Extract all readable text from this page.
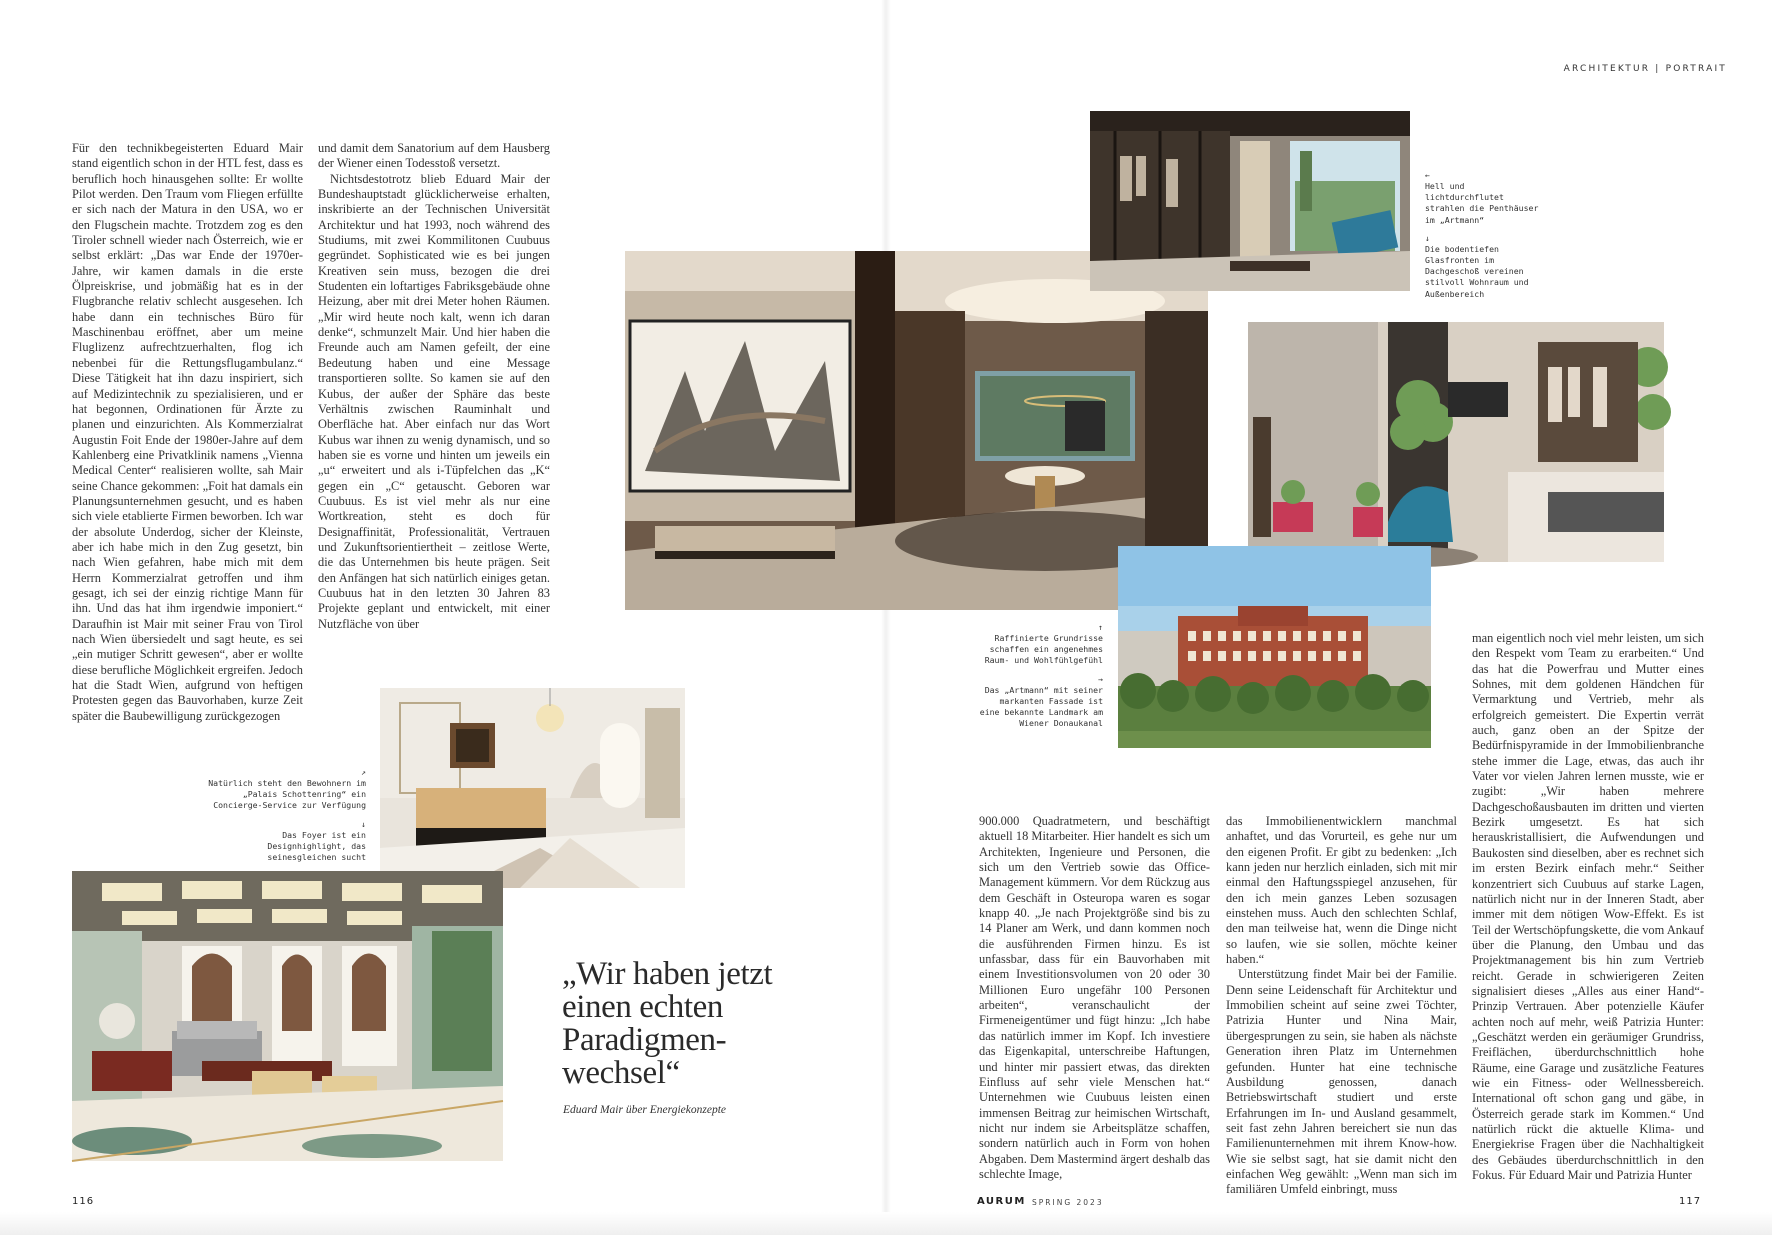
Für den technikbegeisterten Eduard Mair stand eigentlich schon in der HTL fest, dass es beruflich hoch hinausgehen sollte: Er wollte Pilot werden. Den Traum vom Fliegen erfüllte er sich nach der Matura in den USA, wo er den Flugschein machte. Trotzdem zog es den Tiroler schnell wieder nach Österreich, wie er selbst erklärt: „Das war Ende der 1970er-Jahre, wir kamen damals in die erste Ölpreiskrise, und jobmäßig hat es in der Flugbranche relativ schlecht ausgesehen. Ich habe dann ein technisches Büro für Maschinenbau eröffnet, aber um meine Fluglizenz aufrechtzuerhalten, flog ich nebenbei für die Rettungsflugambulanz.“ Diese Tätigkeit hat ihn dazu inspiriert, sich auf Medizintechnik zu spezialisieren, und er hat begonnen, Ordinationen für Ärzte zu planen und einzurichten. Als Kommerzialrat Augustin Foit Ende der 1980er-Jahre auf dem Kahlenberg eine Privatklinik namens „Vienna Medical Center“ realisieren wollte, sah Mair seine Chance gekommen: „Foit hat damals ein Planungsunternehmen gesucht, und es haben sich viele etablierte Firmen beworben. Ich war der absolute Underdog, sicher der Kleinste, aber ich habe mich in den Zug gesetzt, bin nach Wien gefahren, habe mich mit dem Herrn Kommerzialrat getroffen und ihm gesagt, ich sei der einzig richtige Mann für ihn. Und das hat ihm irgendwie imponiert.“ Daraufhin ist Mair mit seiner Frau von Tirol nach Wien übersiedelt und sagt heute, es sei „ein mutiger Schritt gewesen“, aber er wollte diese berufliche Möglichkeit ergreifen. Jedoch hat die Stadt Wien, aufgrund von heftigen Protesten gegen das Bauvorhaben, kurze Zeit später die Baubewilligung zurückgezogen

und damit dem Sanatorium auf dem Hausberg der Wiener einen Todesstoß versetzt.

Nichtsdestotrotz blieb Eduard Mair der Bundeshauptstadt glücklicherweise erhalten, inskribierte an der Technischen Universität Architektur und hat 1993, noch während des Studiums, mit zwei Kommilitonen Cuubuus gegründet. Sophisticated wie es bei jungen Kreativen sein muss, bezogen die drei Studenten ein loftartiges Fabriksgebäude ohne Heizung, aber mit drei Meter hohen Räumen. „Mir wird heute noch kalt, wenn ich daran denke“, schmunzelt Mair. Und hier haben die Freunde auch am Namen gefeilt, der eine Bedeutung haben und eine Message transportieren sollte. So kamen sie auf den Kubus, der außer der Sphäre das beste Verhältnis zwischen Rauminhalt und Oberfläche hat. Aber einfach nur das Wort Kubus war ihnen zu wenig dynamisch, und so haben sie es vorne und hinten um jeweils ein „u“ erweitert und als i-Tüpfelchen das „K“ gegen ein „C“ getauscht. Geboren war Cuubuus. Es ist viel mehr als nur eine Wortkreation, steht es doch für Designaffinität, Professionalität, Vertrauen und Zukunftsorientiertheit – zeitlose Werte, die das Unternehmen bis heute prägen. Seit den Anfängen hat sich natürlich einiges getan. Cuubuus hat in den letzten 30 Jahren 83 Projekte geplant und entwickelt, mit einer Nutzfläche von über

↗
Natürlich steht den Bewohnern im „Palais Schottenring“ ein Concierge-Service zur Verfügung
↓
Das Foyer ist ein Designhighlight, das seinesgleichen sucht
„Wir haben jetzt einen echten Paradigmen-wechsel“
Eduard Mair über Energiekonzepte
ARCHITEKTUR | PORTRAIT
←
Hell und lichtdurchflutet strahlen die Penthäuser im „Artmann“
↓
Die bodentiefen Glasfronten im Dachgeschoß vereinen stilvoll Wohnraum und Außenbereich
↑
Raffinierte Grundrisse schaffen ein angenehmes Raum- und Wohlfühlgefühl
→
Das „Artmann“ mit seiner markanten Fassade ist eine bekannte Landmark am Wiener Donaukanal

900.000 Quadratmetern, und beschäftigt aktuell 18 Mitarbeiter. Hier handelt es sich um Architekten, Ingenieure und Personen, die sich um den Vertrieb sowie das Office-Management kümmern. Vor dem Rückzug aus dem Geschäft in Osteuropa waren es sogar knapp 40. „Je nach Projektgröße sind bis zu 14 Planer am Werk, und dann kommen noch die ausführenden Firmen hinzu. Es ist unfassbar, dass für ein Bauvorhaben mit einem Investitionsvolumen von 20 oder 30 Millionen Euro ungefähr 100 Personen arbeiten“, veranschaulicht der Firmeneigentümer und fügt hinzu: „Ich habe das natürlich immer im Kopf. Ich investiere das Eigenkapital, unterschreibe Haftungen, und hinter mir passiert etwas, das direkten Einfluss auf sehr viele Menschen hat.“ Unternehmen wie Cuubuus leisten einen immensen Beitrag zur heimischen Wirtschaft, nicht nur indem sie Arbeitsplätze schaffen, sondern natürlich auch in Form von hohen Abgaben. Dem Mastermind ärgert deshalb das schlechte Image,

das Immobilienentwicklern manchmal anhaftet, und das Vorurteil, es gehe nur um den eigenen Profit. Er gibt zu bedenken: „Ich kann jeden nur herzlich einladen, sich mit mir einmal den Haftungsspiegel anzusehen, für den ich mein ganzes Leben sozusagen einstehen muss. Auch den schlechten Schlaf, den man teilweise hat, wenn die Dinge nicht so laufen, wie sie sollen, möchte keiner haben.“

Unterstützung findet Mair bei der Familie. Denn seine Leidenschaft für Architektur und Immobilien scheint auf seine zwei Töchter, Patrizia Hunter und Nina Mair, übergesprungen zu sein, sie haben als nächste Generation ihren Platz im Unternehmen gefunden. Hunter hat eine technische Ausbildung genossen, danach Betriebswirtschaft studiert und erste Erfahrungen im In- und Ausland gesammelt, seit fast zehn Jahren bereichert sie nun das Familienunternehmen mit ihrem Know-how. Wie sie selbst sagt, hat sie damit nicht den einfachen Weg gewählt: „Wenn man sich im familiären Umfeld einbringt, muss

man eigentlich noch viel mehr leisten, um sich den Respekt vom Team zu erarbeiten.“ Und das hat die Powerfrau und Mutter eines Sohnes, mit dem goldenen Händchen für Vermarktung und Vertrieb, mehr als erfolgreich gemeistert. Die Expertin verrät auch, ganz oben an der Spitze der Bedürfnispyramide in der Immobilienbranche stehe immer die Lage, etwas, das auch ihr Vater vor vielen Jahren lernen musste, wie er zugibt: „Wir haben mehrere Dachgeschoßausbauten im dritten und vierten Bezirk umgesetzt. Es hat sich herauskristallisiert, die Aufwendungen und Baukosten sind dieselben, aber es rechnet sich im ersten Bezirk einfach mehr.“ Seither konzentriert sich Cuubuus auf starke Lagen, natürlich nicht nur in der Inneren Stadt, aber immer mit dem nötigen Wow-Effekt. Es ist Teil der Wertschöpfungskette, die vom Ankauf über die Planung, den Umbau und das Projektmanagement bis hin zum Vertrieb reicht. Gerade in schwierigeren Zeiten signalisiert dieses „Alles aus einer Hand“-Prinzip Vertrauen. Aber potenzielle Käufer achten noch auf mehr, weiß Patrizia Hunter: „Geschätzt werden ein geräumiger Grundriss, Freiflächen, überdurchschnittlich hohe Räume, eine Garage und zusätzliche Features wie ein Fitness- oder Wellnessbereich. International oft schon gang und gäbe, in Österreich gerade stark im Kommen.“ Und natürlich rückt die aktuelle Klima- und Energiekrise Fragen über die Nachhaltigkeit des Gebäudes überdurchschnittlich in den Fokus. Für Eduard Mair und Patrizia Hunter

116	AURUM SPRING 2023	117
